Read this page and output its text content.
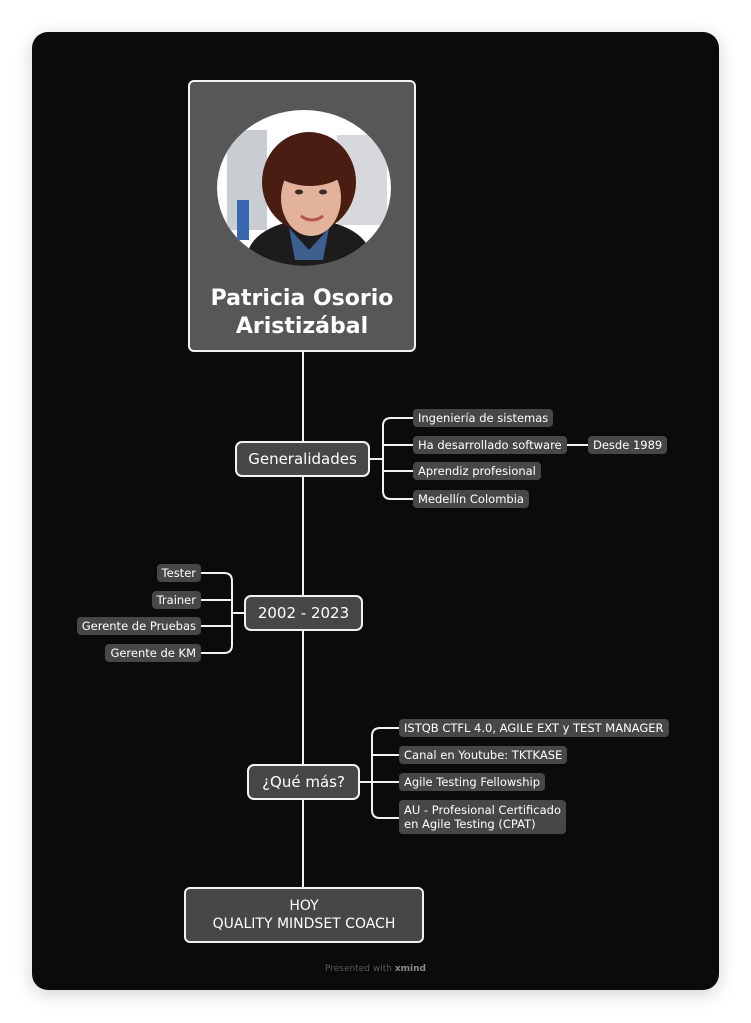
Patricia Osorio
Aristizábal
Generalidades
Ingeniería de sistemas
Ha desarrollado software	Desde 1989
Aprendiz profesional
Medellín Colombia
2002 - 2023
Tester
Trainer
Gerente de Pruebas
Gerente de KM
¿Qué más?
ISTQB CTFL 4.0, AGILE EXT y TEST MANAGER
Canal en Youtube: TKTKASE
Agile Testing Fellowship
AU - Profesional Certificado
en Agile Testing (CPAT)
HOY
QUALITY MINDSET COACH
Presented with xmind
